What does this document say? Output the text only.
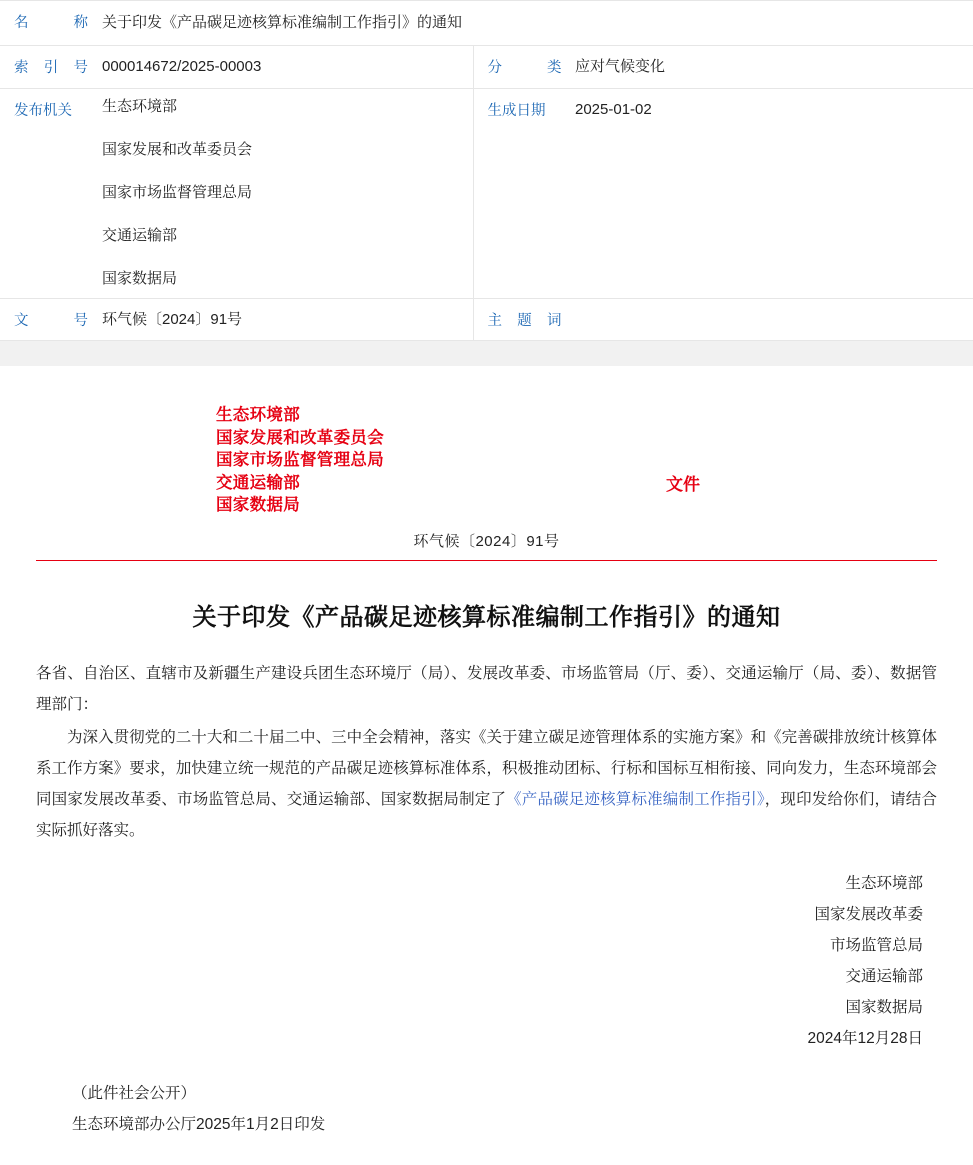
名 称	关于印发《产品碳足迹核算标准编制工作指引》的通知		

索 引 号	000014672/2025-00003	分 类	应对气候变化
发布机关	生态环境部
国家发展和改革委员会
国家市场监督管理总局
交通运输部
国家数据局	生成日期	2025-01-02

文 号	环气候〔2024〕91号	主 题 词	

生态环境部
国家发展和改革委员会
国家市场监督管理总局
交通运输部
国家数据局
文件
环气候〔2024〕91号
关于印发《产品碳足迹核算标准编制工作指引》的通知

各省、自治区、直辖市及新疆生产建设兵团生态环境厅（局）、发展改革委、市场监管局（厅、委）、交通运输厅（局、委）、数据管理部门：

为深入贯彻党的二十大和二十届二中、三中全会精神，落实《关于建立碳足迹管理体系的实施方案》和《完善碳排放统计核算体系工作方案》要求，加快建立统一规范的产品碳足迹核算标准体系，积极推动团标、行标和国标互相衔接、同向发力，生态环境部会同国家发展改革委、市场监管总局、交通运输部、国家数据局制定了《产品碳足迹核算标准编制工作指引》，现印发给你们，请结合实际抓好落实。

生态环境部
国家发展改革委
市场监管总局
交通运输部
国家数据局
2024年12月28日
（此件社会公开）
生态环境部办公厅2025年1月2日印发
